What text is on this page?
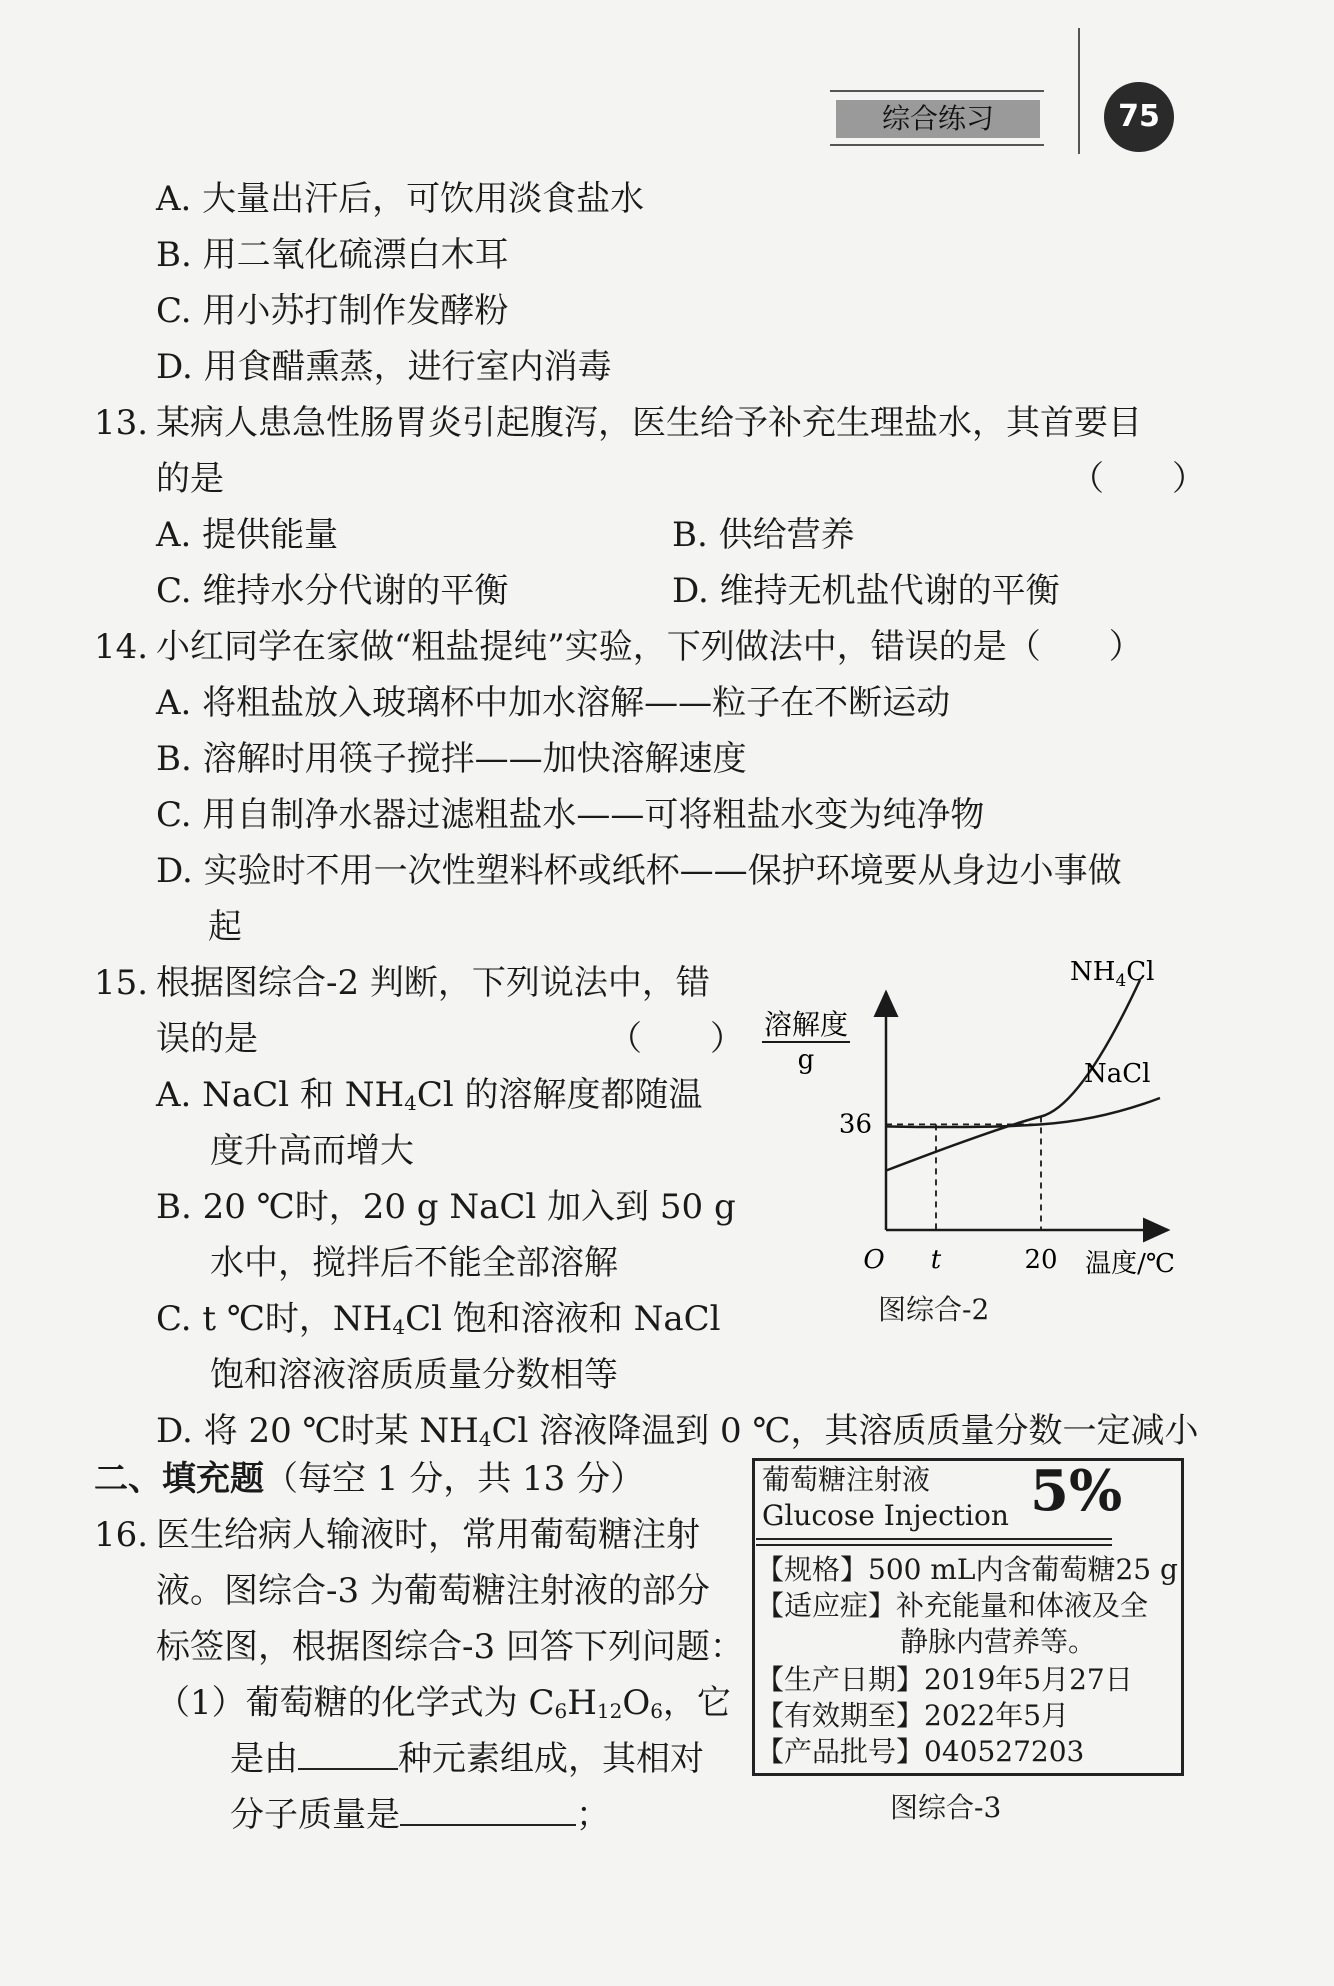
综合练习	75
A. 大量出汗后，可饮用淡食盐水
B. 用二氧化硫漂白木耳
C. 用小苏打制作发酵粉
D. 用食醋熏蒸，进行室内消毒
13. 某病人患急性肠胃炎引起腹泻，医生给予补充生理盐水，其首要目
的是	（　　）
A. 提供能量	B. 供给营养
C. 维持水分代谢的平衡	D. 维持无机盐代谢的平衡
14. 小红同学在家做“粗盐提纯”实验，下列做法中，错误的是（　　）
A. 将粗盐放入玻璃杯中加水溶解——粒子在不断运动
B. 溶解时用筷子搅拌——加快溶解速度
C. 用自制净水器过滤粗盐水——可将粗盐水变为纯净物
D. 实验时不用一次性塑料杯或纸杯——保护环境要从身边小事做
起
15. 根据图综合-2 判断，下列说法中，错
误的是	（　　）
A. NaCl 和 $NH_4Cl$ 的溶解度都随温
度升高而增大
B. 20 ℃时，20 g NaCl 加入到 50 g
水中，搅拌后不能全部溶解
C. t ℃时，$NH_4Cl$ 饱和溶液和 NaCl
饱和溶液溶质质量分数相等
D. 将 20 ℃时某 $NH_4Cl$ 溶液降温到 0 ℃，其溶质质量分数一定减小
溶解度
g
O	温度/℃
36
t	20
$NH_4Cl$
NaCl
图综合-2
二、填充题（每空 1 分，共 13 分）
16. 医生给病人输液时，常用葡萄糖注射
液。图综合-3 为葡萄糖注射液的部分
标签图，根据图综合-3 回答下列问题：
（1）葡萄糖的化学式为 $C_6H_{12}O_6$，它
是由	种元素组成，其相对
分子质量是	；
葡萄糖注射液
Glucose Injection 5%
【规格】500 mL内含葡萄糖25 g
【适应症】补充能量和体液及全
静脉内营养等。
【生产日期】2019年5月27日
【有效期至】2022年5月
【产品批号】040527203
图综合-3
